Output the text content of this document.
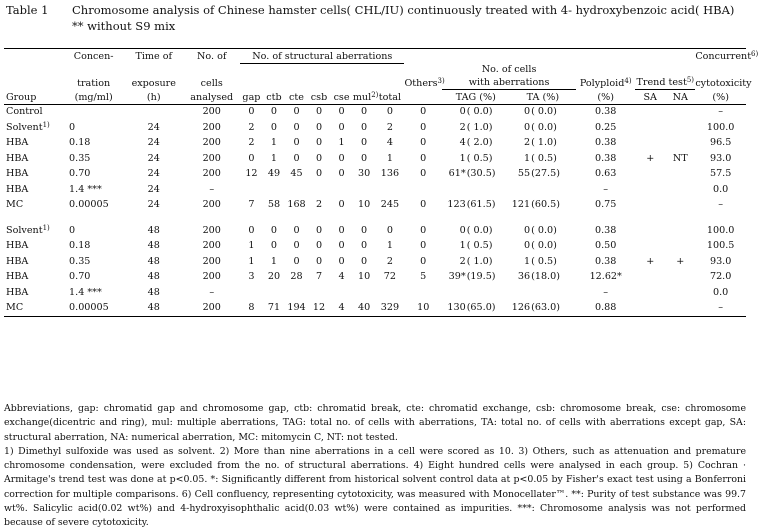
Table 1 Chromosome analysis of Chinese hamster cells( CHL/IU) continuously treated with 4- hydroxybenzoic acid( HBA) ** without S9 mix
	Concen-	Time of	No. of	No. of structural aberrations															Concurrent$^{6)}$
	tration	exposure	cells								Others$^{3)}$	No. of cells
with aberrations				Polyploid$^{4)}$	Trend test$^{5)}$		cytotoxicity
Group	(mg/ml)	(h)	analysed	gap	ctb	cte	csb	cse	mul$^{2)}$	total		TAG (%)		TA (%)		(%)	SA	NA	(%)
Control			200	0	0	0	0	0	0	0	0	0	( 0.0)	0	( 0.0)	0.38			–
Solvent$^{1)}$	0	24	200	2	0	0	0	0	0	2	0	2	( 1.0)	0	( 0.0)	0.25			100.0
HBA	0.18	24	200	2	1	0	0	1	0	4	0	4	( 2.0)	2	( 1.0)	0.38			96.5
HBA	0.35	24	200	0	1	0	0	0	0	1	0	1	( 0.5)	1	( 0.5)	0.38	+	NT	93.0
HBA	0.70	24	200	12	49	45	0	0	30	136	0	61*	(30.5)	55	(27.5)	0.63			57.5
HBA	1.4 ***	24	–													–			0.0
MC	0.00005	24	200	7	58	168	2	0	10	245	0	123	(61.5)	121	(60.5)	0.75			–

Solvent$^{1)}$	0	48	200	0	0	0	0	0	0	0	0	0	( 0.0)	0	( 0.0)	0.38			100.0
HBA	0.18	48	200	1	0	0	0	0	0	1	0	1	( 0.5)	0	( 0.0)	0.50			100.5
HBA	0.35	48	200	1	1	0	0	0	0	2	0	2	( 1.0)	1	( 0.5)	0.38	+	+	93.0
HBA	0.70	48	200	3	20	28	7	4	10	72	5	39*	(19.5)	36	(18.0)	12.62*			72.0
HBA	1.4 ***	48	–													–			0.0
MC	0.00005	48	200	8	71	194	12	4	40	329	10	130	(65.0)	126	(63.0)	0.88			–

Abbreviations, gap: chromatid gap and chromosome gap, ctb: chromatid break, cte: chromatid exchange, csb: chromosome break, cse: chromosome exchange(dicentric and ring), mul: multiple aberrations, TAG: total no. of cells with aberrations, TA: total no. of cells with aberrations except gap, SA: structural aberration, NA: numerical aberration, MC: mitomycin C, NT: not tested.

1) Dimethyl sulfoxide was used as solvent. 2) More than nine aberrations in a cell were scored as 10. 3) Others, such as attenuation and premature chromosome condensation, were excluded from the no. of structural aberrations. 4) Eight hundred cells were analysed in each group. 5) Cochran · Armitage's trend test was done at p<0.05. *: Significantly different from historical solvent control data at p<0.05 by Fisher's exact test using a Bonferroni correction for multiple comparisons. 6) Cell confluency, representing cytotoxicity, was measured with Monocellater™. **: Purity of test substance was 99.7 wt%. Salicylic acid(0.02 wt%) and 4-hydroxyisophthalic acid(0.03 wt%) were contained as impurities. ***: Chromosome analysis was not performed because of severe cytotoxicity.
